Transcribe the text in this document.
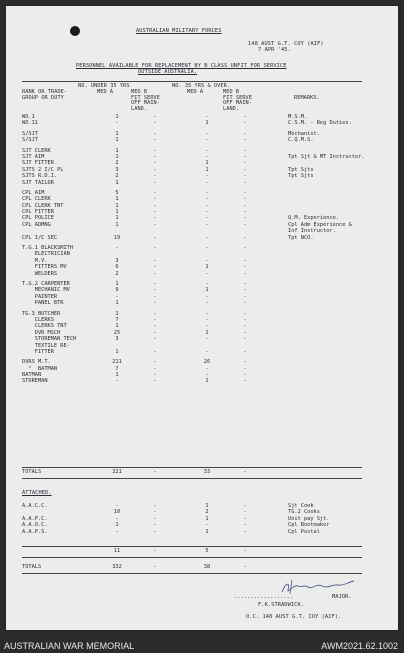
AUSTRALIAN MILITARY FORCES
148 AUST G.T. COY (AIF)
7 APR '45.
PERSONNEL AVAILABLE FOR REPLACEMENT BY B CLASS UNFIT FOR SERVICE
OUTSIDE AUSTRALIA.
NO. UNDER 35 YRS	NO. 35 YRS & OVER.
RANK OR TRADE-
GROUP OR DUTY
MED A	MED B
FIT SERVE
OFF MAIN-
LAND.
MED A	MED B
FIT SERVE
OFF MAIN-
LAND.
REMARKS.
WO.1	1	-	-	-	M.S.M.
WO.11	-	-	1	-	C.S.M. - Reg Duties.
S/SJT	1	-	-	-	Mechanist.
S/SJT	1	-	-	-	C.Q.M.S.
SJT CLERK	1	-	-	-
SJT AIM	1	-	-	-	Tpt Sjt & MT Instructor.
SJT FITTER	2	-	1	-
SJTS 2 I/C PL	3	-	1	-	Tpt Sjts
SJTS R.D.I.	2	-	-	-	Tpt Sjts
SJT TAILOR	1	-	-	-
CPL AIM	5	-	-	-
CPL CLERK	1	-	-	-
CPL CLERK TNT	1	-	-	-
CPL FITTER	1	-	-	-
CPL POLICE	1	-	-	-	Q.M. Experience.
CPL ADMNG	1	-	-	-	Cpl Adm Experience &
Inf Instructor.
CPL I/C SEC	19	-	-	-	Tpt NCO.
T.G.1 BLACKSMITH	-	-	-	-
ELECTRICIAN
M.V.	3	-	-	-
FITTERS MV	6	-	1	-
WELDERS	2	-	-	-
T.G.2 CARPENTER	1	-	-	-
MECHANIC MV	9	-	1	-
PAINTER	-	-	-	-
PANEL BTR	1	-	-	-
TG.3 BUTCHER	1	-	-	-
CLERKS	7	-	-	-
CLERKS TNT	1	-	-	-
DVR MSCH	25	-	1	-
STOREMAN TECH	3	-	-	-
TEXTILE RE-
FITTER	1	-	-	-
DVRS M.T.	211	-	26	-
"  BATMAN	7	-	-	-
BATMAN	1	-	-	-
STOREMAN	-	-	1	-
TOTALS	321	-	33	-
ATTACHED.
A.A.C.C.	-	-	1	-	Sjt Cook
10	-	2	-	TG.2 Cooks
A.A.P.C.	-	-	1	-	Unit pay Sjt.
A.A.O.C.	1	-	-	-	Cpl Bootmaker
A.A.P.S.	-	-	1	-	Cpl Postal
11	-	5	-
TOTALS	332	-	38	-
..................	MAJOR.
F.K.STRADWICK.
O.C. 148 AUST G.T. COY (AIF).
AUSTRALIAN WAR MEMORIAL	AWM2021.62.1002
